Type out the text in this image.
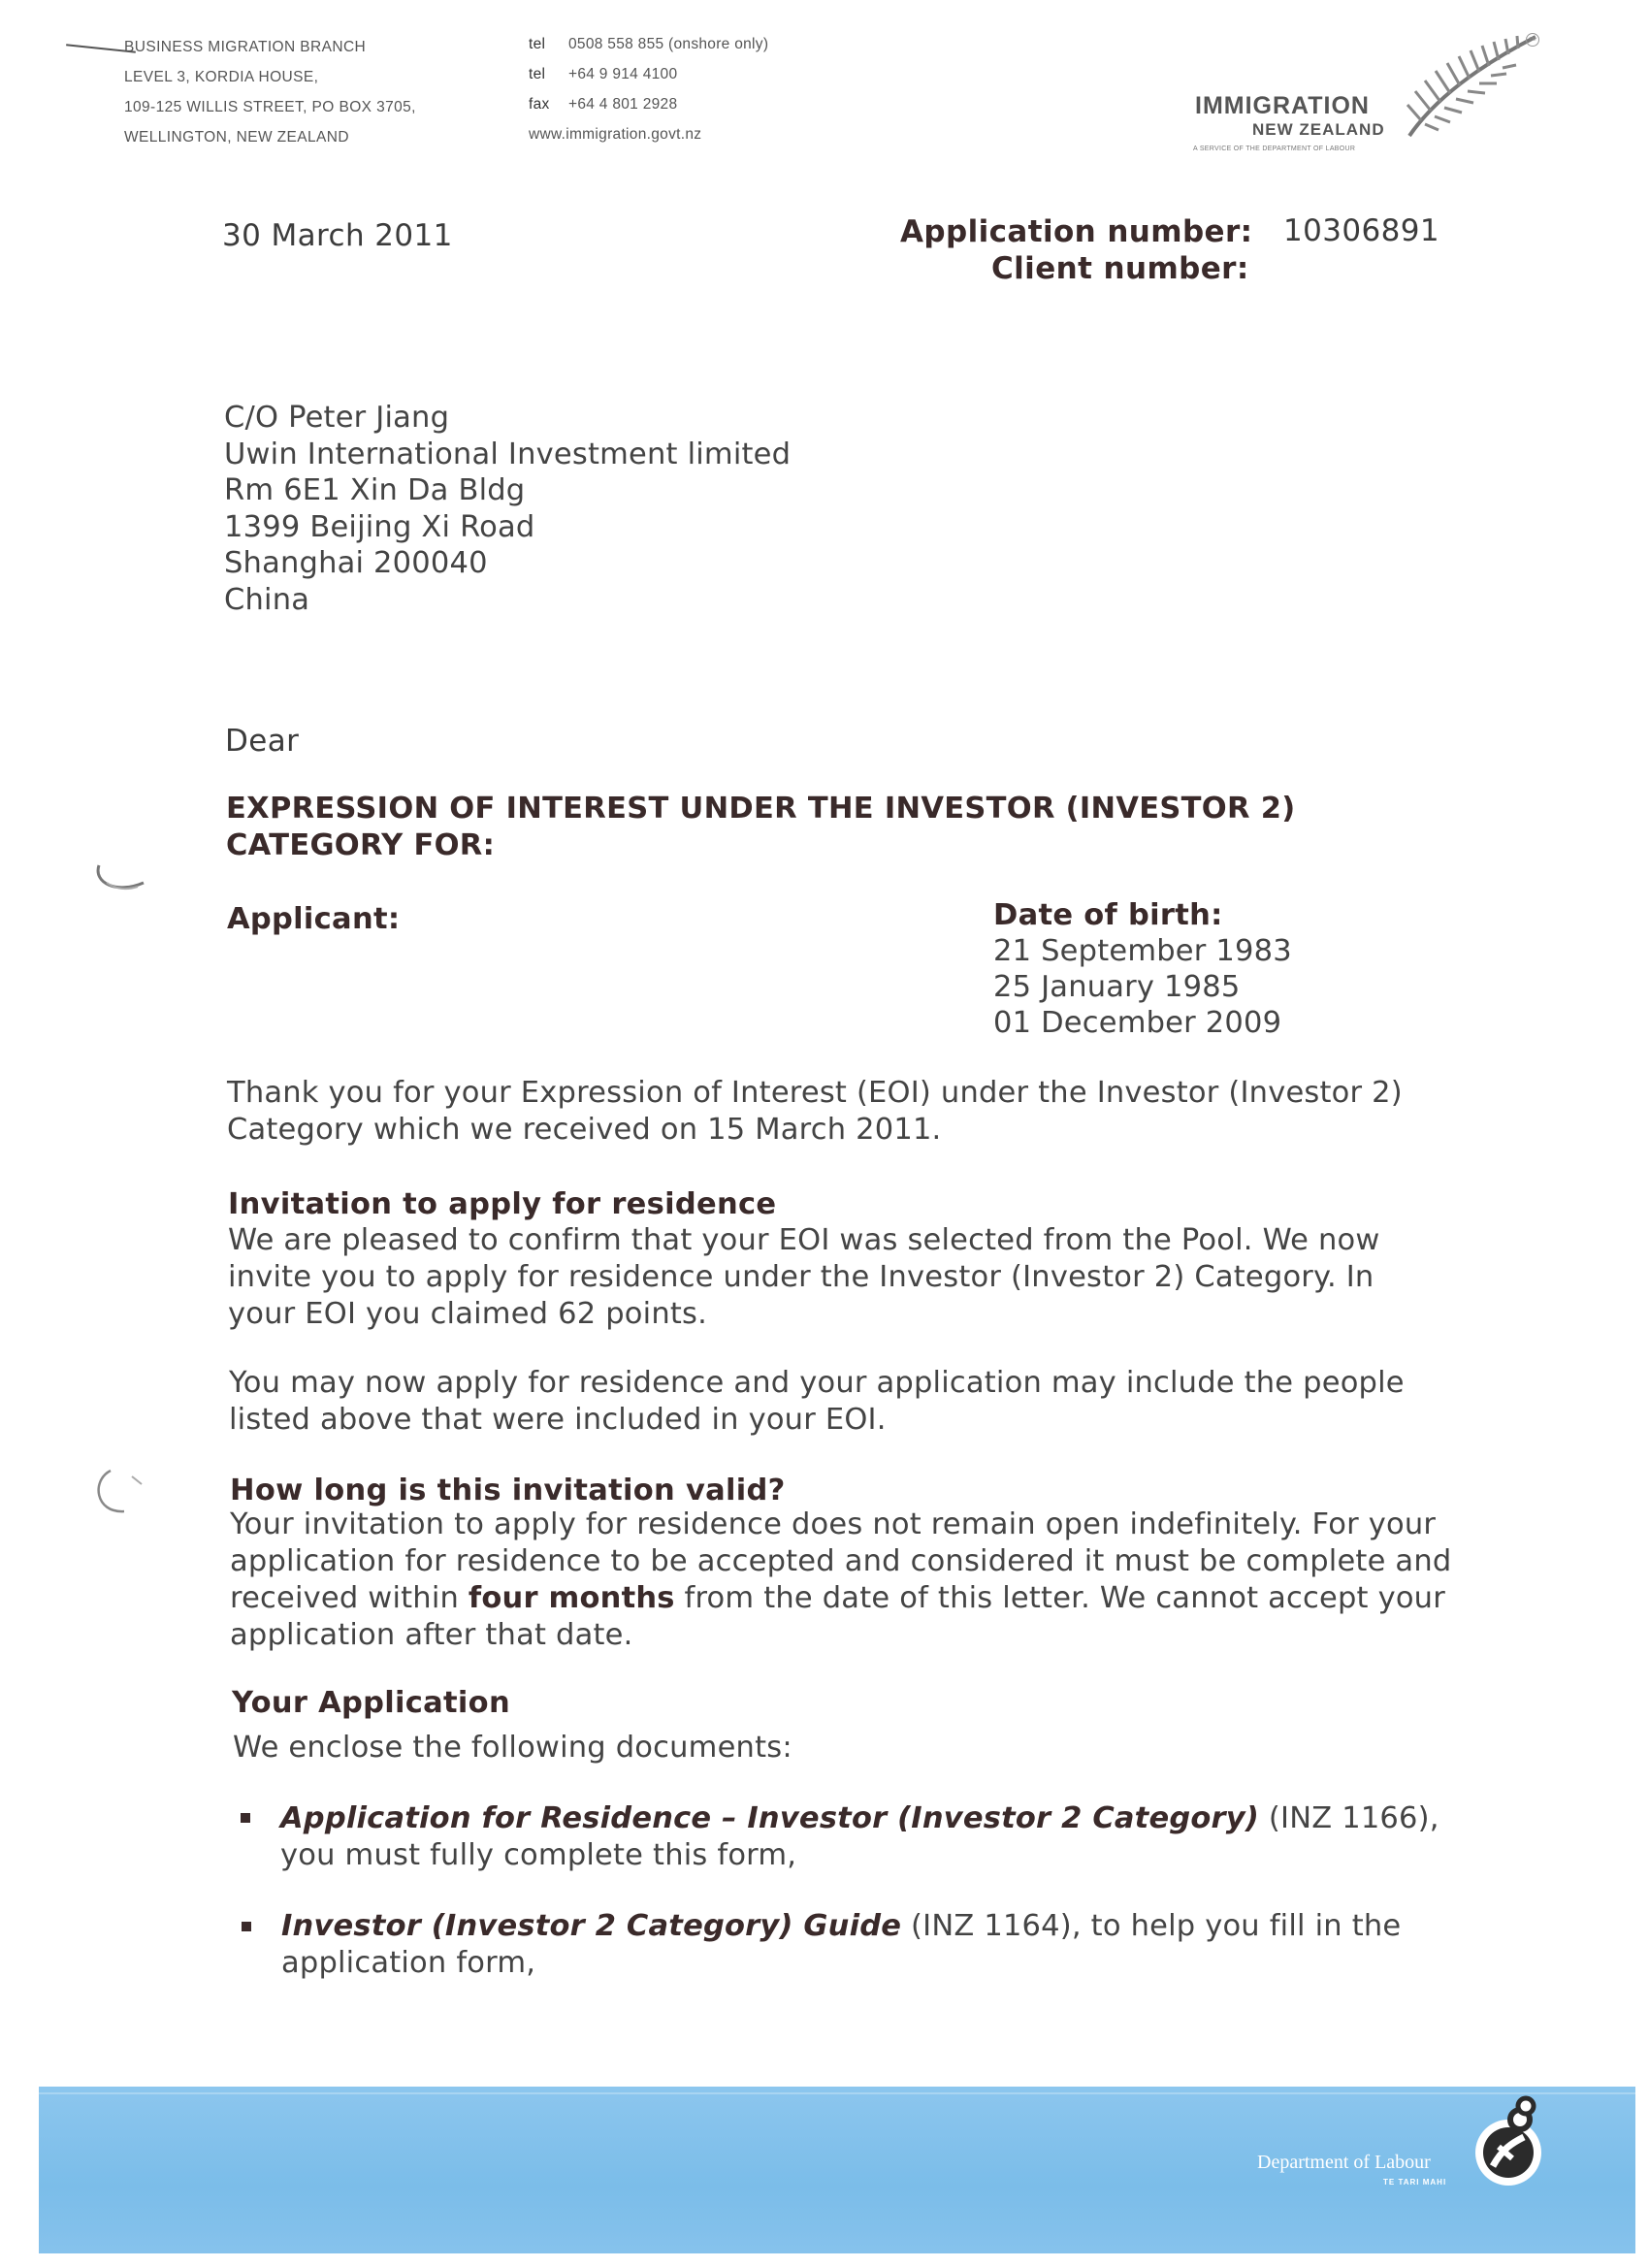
BUSINESS MIGRATION BRANCH
LEVEL 3, KORDIA HOUSE,
109-125 WILLIS STREET, PO BOX 3705,
WELLINGTON, NEW ZEALAND
tel	0508 558 855 (onshore only)
tel	+64 9 914 4100
fax	+64 4 801 2928
www.immigration.govt.nz
IMMIGRATION
NEW ZEALAND
A SERVICE OF THE DEPARTMENT OF LABOUR
TM
30 March 2011	Application number: 10306891
Client number:
C/O Peter Jiang
Uwin International Investment limited
Rm 6E1 Xin Da Bldg
1399 Beijing Xi Road
Shanghai 200040
China
Dear
EXPRESSION OF INTEREST UNDER THE INVESTOR (INVESTOR 2)
CATEGORY FOR:
Applicant:	Date of birth:
21 September 1983
25 January 1985
01 December 2009
Thank you for your Expression of Interest (EOI) under the Investor (Investor 2)
Category which we received on 15 March 2011.
Invitation to apply for residence
We are pleased to confirm that your EOI was selected from the Pool. We now
invite you to apply for residence under the Investor (Investor 2) Category. In
your EOI you claimed 62 points.
You may now apply for residence and your application may include the people
listed above that were included in your EOI.
How long is this invitation valid?
Your invitation to apply for residence does not remain open indefinitely. For your
application for residence to be accepted and considered it must be complete and
received within four months from the date of this letter. We cannot accept your
application after that date.
Your Application
We enclose the following documents:
Application for Residence – Investor (Investor 2 Category) (INZ 1166),
you must fully complete this form,
Investor (Investor 2 Category) Guide (INZ 1164), to help you fill in the
application form,
Department of Labour
TE TARI MAHI
